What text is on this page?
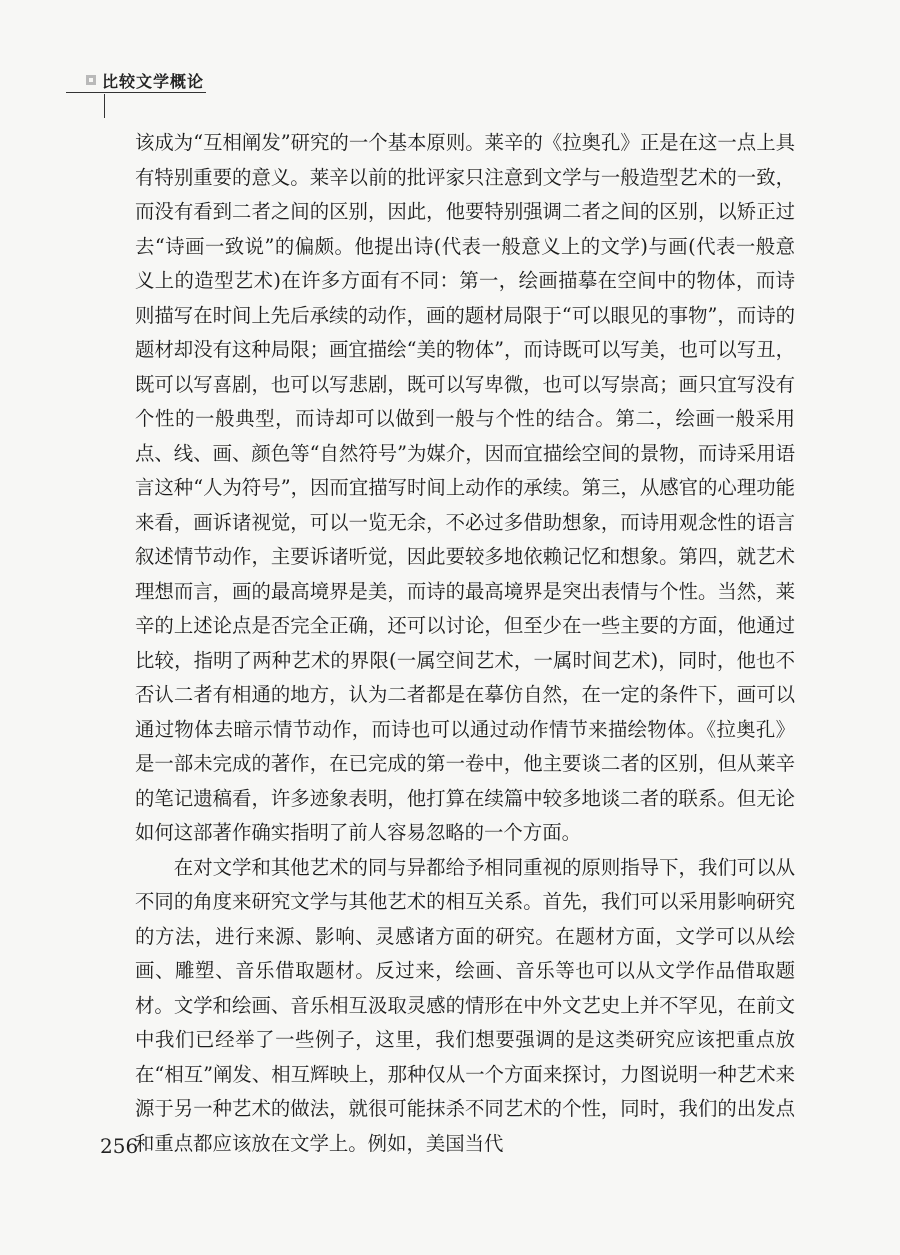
比较文学概论

该成为“互相阐发”研究的一个基本原则。莱辛的《拉奥孔》正是在这一点上具有特别重要的意义。莱辛以前的批评家只注意到文学与一般造型艺术的一致，而没有看到二者之间的区别，因此，他要特别强调二者之间的区别，以矫正过去“诗画一致说”的偏颇。他提出诗(代表一般意义上的文学)与画(代表一般意义上的造型艺术)在许多方面有不同：第一，绘画描摹在空间中的物体，而诗则描写在时间上先后承续的动作，画的题材局限于“可以眼见的事物”，而诗的题材却没有这种局限；画宜描绘“美的物体”，而诗既可以写美，也可以写丑，既可以写喜剧，也可以写悲剧，既可以写卑微，也可以写崇高；画只宜写没有个性的一般典型，而诗却可以做到一般与个性的结合。第二，绘画一般采用点、线、画、颜色等“自然符号”为媒介，因而宜描绘空间的景物，而诗采用语言这种“人为符号”，因而宜描写时间上动作的承续。第三，从感官的心理功能来看，画诉诸视觉，可以一览无余，不必过多借助想象，而诗用观念性的语言叙述情节动作，主要诉诸听觉，因此要较多地依赖记忆和想象。第四，就艺术理想而言，画的最高境界是美，而诗的最高境界是突出表情与个性。当然，莱辛的上述论点是否完全正确，还可以讨论，但至少在一些主要的方面，他通过比较，指明了两种艺术的界限(一属空间艺术，一属时间艺术)，同时，他也不否认二者有相通的地方，认为二者都是在摹仿自然，在一定的条件下，画可以通过物体去暗示情节动作，而诗也可以通过动作情节来描绘物体。《拉奥孔》是一部未完成的著作，在已完成的第一卷中，他主要谈二者的区别，但从莱辛的笔记遗稿看，许多迹象表明，他打算在续篇中较多地谈二者的联系。但无论如何这部著作确实指明了前人容易忽略的一个方面。

在对文学和其他艺术的同与异都给予相同重视的原则指导下，我们可以从不同的角度来研究文学与其他艺术的相互关系。首先，我们可以采用影响研究的方法，进行来源、影响、灵感诸方面的研究。在题材方面，文学可以从绘画、雕塑、音乐借取题材。反过来，绘画、音乐等也可以从文学作品借取题材。文学和绘画、音乐相互汲取灵感的情形在中外文艺史上并不罕见，在前文中我们已经举了一些例子，这里，我们想要强调的是这类研究应该把重点放在“相互”阐发、相互辉映上，那种仅从一个方面来探讨，力图说明一种艺术来源于另一种艺术的做法，就很可能抹杀不同艺术的个性，同时，我们的出发点和重点都应该放在文学上。例如，美国当代

256
